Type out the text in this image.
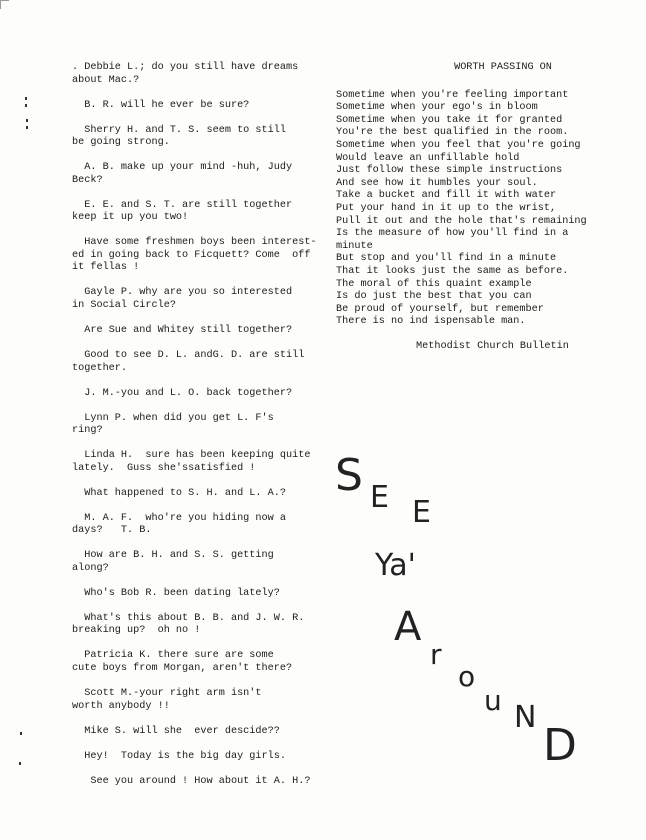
. Debbie L.; do you still have dreams
about Mac.?
B. R. will he ever be sure?
Sherry H. and T. S. seem to still
be going strong.
A. B. make up your mind -huh, Judy
Beck?
E. E. and S. T. are still together
keep it up you two!
Have some freshmen boys been interest-
ed in going back to Ficquett? Come  off
it fellas !
Gayle P. why are you so interested
in Social Circle?
Are Sue and Whitey still together?
Good to see D. L. andG. D. are still
together.
J. M.-you and L. O. back together?
Lynn P. when did you get L. F's
ring?
Linda H.  sure has been keeping quite
lately.  Guss she'ssatisfied !
What happened to S. H. and L. A.?
M. A. F.  who're you hiding now a
days?   T. B.
How are B. H. and S. S. getting
along?
Who's Bob R. been dating lately?
What's this about B. B. and J. W. R.
breaking up?  oh no !
Patricia K. there sure are some
cute boys from Morgan, aren't there?
Scott M.-your right arm isn't
worth anybody !!
Mike S. will she  ever descide??
Hey!  Today is the big day girls.
See you around ! How about it A. H.?
WORTH PASSING ON
Sometime when you're feeling important
Sometime when your ego's in bloom
Sometime when you take it for granted
You're the best qualified in the room.
Sometime when you feel that you're going
Would leave an unfillable hold
Just follow these simple instructions
And see how it humbles your soul.
Take a bucket and fill it with water
Put your hand in it up to the wrist,
Pull it out and the hole that's remaining
Is the measure of how you'll find in a
minute
But stop and you'll find in a minute
That it looks just the same as before.
The moral of this quaint example
Is do just the best that you can
Be proud of yourself, but remember
There is no ind ispensable man.
Methodist Church Bulletin
S E E
Ya'
A
r
o
u N
D
